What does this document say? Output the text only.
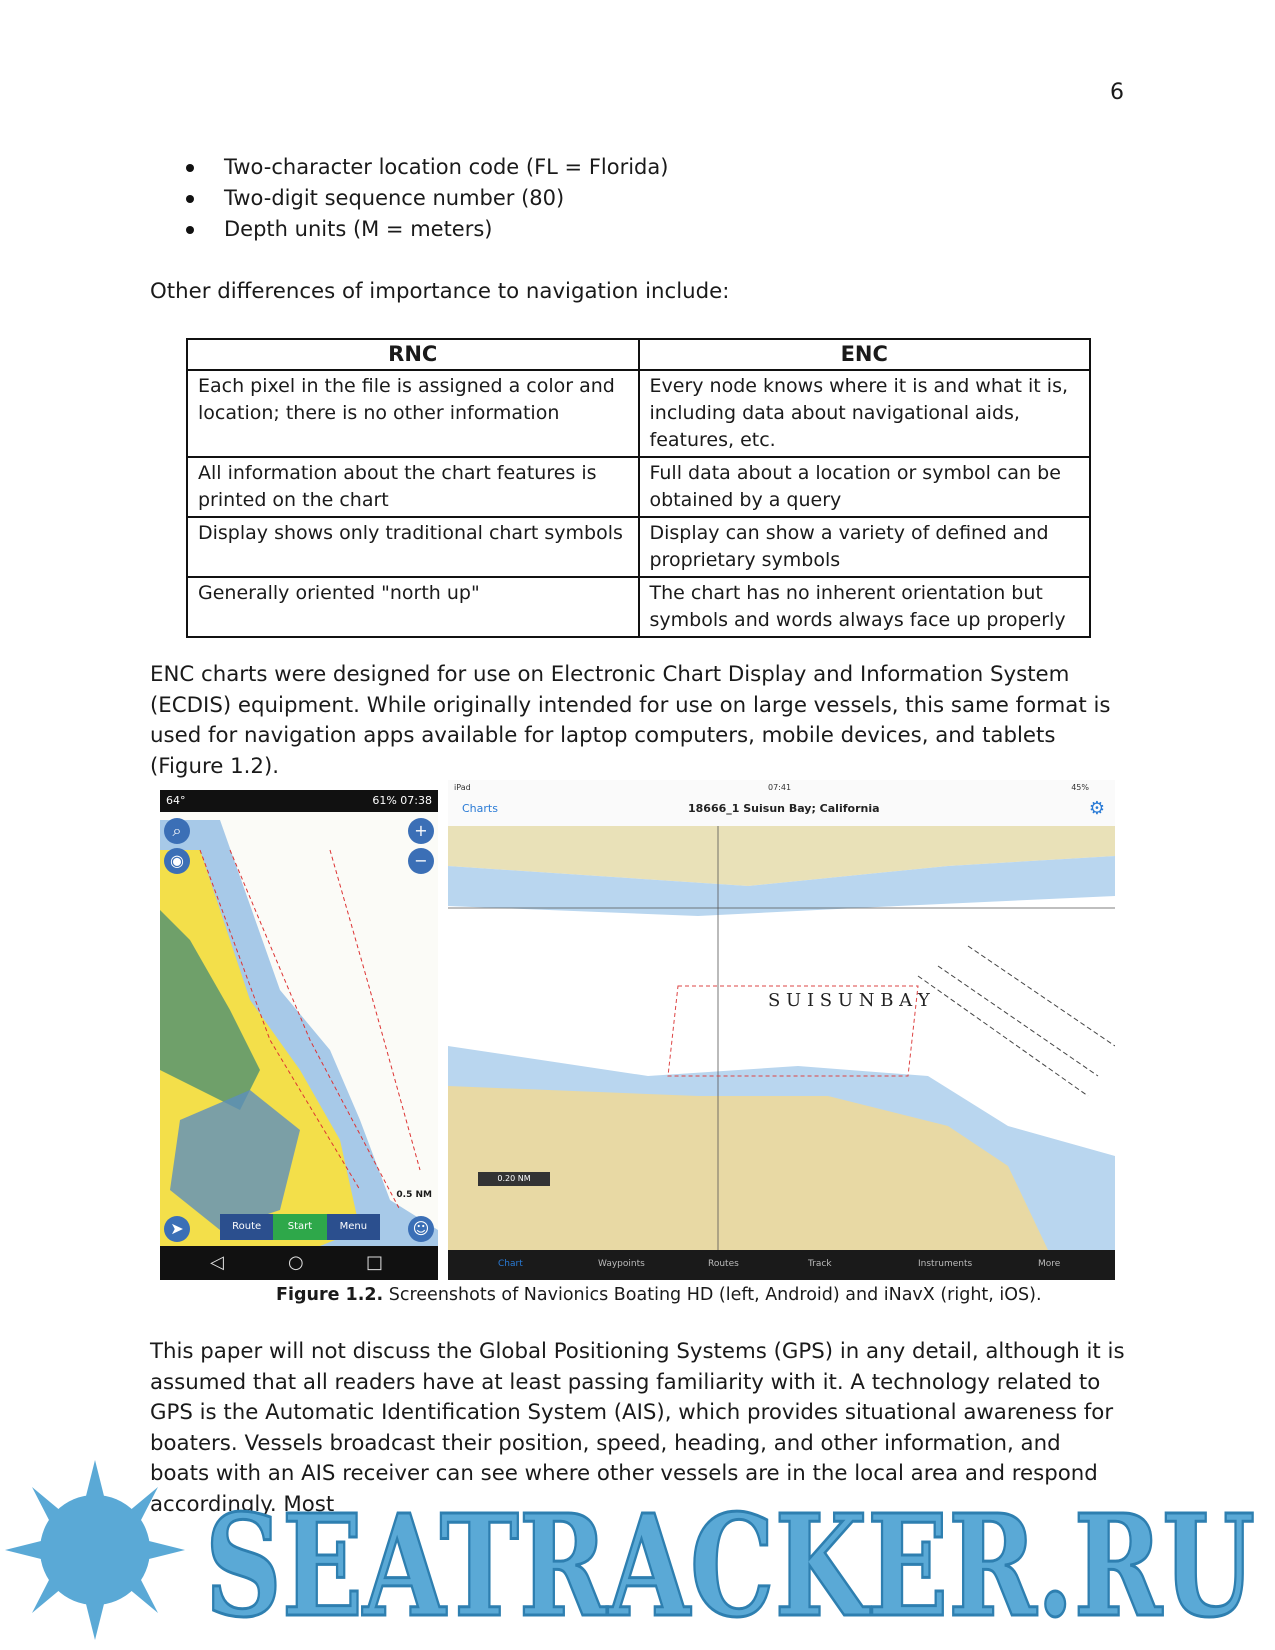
6
Two-character location code (FL = Florida)
Two-digit sequence number (80)
Depth units (M = meters)

Other differences of importance to navigation include:

RNC	ENC
Each pixel in the file is assigned a color and location; there is no other information	Every node knows where it is and what it is, including data about navigational aids, features, etc.
All information about the chart features is printed on the chart	Full data about a location or symbol can be obtained by a query
Display shows only traditional chart symbols	Display can show a variety of defined and proprietary symbols
Generally oriented "north up"	The chart has no inherent orientation but symbols and words always face up properly

ENC charts were designed for use on Electronic Chart Display and Information System (ECDIS) equipment. While originally intended for use on large vessels, this same format is used for navigation apps available for laptop computers, mobile devices, and tablets (Figure 1.2).

64°	61% 07:38
⌕
◉
+
−
➤	☺
0.5 NM
Route	Start	Menu
◁	○	□
iPad	07:41	45%
Charts	18666_1 Suisun Bay; California	⚙
S U I S U N B A Y
0.20 NM
Chart	Waypoints	Routes	Track	Instruments	More
Figure 1.2. Screenshots of Navionics Boating HD (left, Android) and iNavX (right, iOS).

This paper will not discuss the Global Positioning Systems (GPS) in any detail, although it is assumed that all readers have at least passing familiarity with it. A technology related to GPS is the Automatic Identification System (AIS), which provides situational awareness for boaters. Vessels broadcast their position, speed, heading, and other information, and boats with an AIS receiver can see where other vessels are in the local area and respond accordingly. Most

SEATRACKER.RU
